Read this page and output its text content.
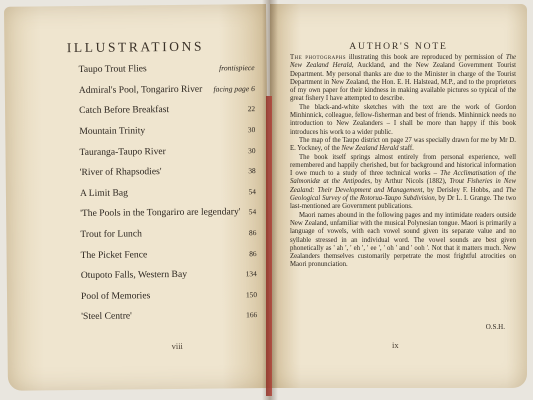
ILLUSTRATIONS
Taupo Trout Flies	frontispiece
Admiral's Pool, Tongariro River facing page 6
Catch Before Breakfast	22
Mountain Trinity	30
Tauranga-Taupo River	30
'River of Rhapsodies'	38
A Limit Bag	54
'The Pools in the Tongariro are legendary' 54
Trout for Lunch	86
The Picket Fence	86
Otupoto Falls, Western Bay	134
Pool of Memories	150
'Steel Centre'	166
viii
AUTHOR'S NOTE

The photographs illustrating this book are reproduced by permission of The New Zealand Herald, Auckland, and the New Zealand Government Tourist Department. My personal thanks are due to the Minister in charge of the Tourist Department in New Zealand, the Hon. E. H. Halstead, M.P., and to the proprietors of my own paper for their kindness in making available pictures so typical of the great fishery I have attempted to describe.

The black-and-white sketches with the text are the work of Gordon Minhinnick, colleague, fellow-fisherman and best of friends. Minhinnick needs no introduction to New Zealanders – I shall be more than happy if this book introduces his work to a wider public.

The map of the Taupo district on page 27 was specially drawn for me by Mr D. E. Yockney, of the New Zealand Herald staff.

The book itself springs almost entirely from personal experience, well remembered and happily cherished, but for background and historical information I owe much to a study of three technical works – The Acclimatisation of the Salmonidæ at the Antipodes, by Arthur Nicols (1882), Trout Fisheries in New Zealand: Their Development and Management, by Derisley F. Hobbs, and The Geological Survey of the Rotorua-Taupo Subdivision, by Dr L. I. Grange. The two last-mentioned are Government publications.

Maori names abound in the following pages and my intimidate readers outside New Zealand, unfamiliar with the musical Polynesian tongue. Maori is primarily a language of vowels, with each vowel sound given its separate value and no syllable stressed in an individual word. The vowel sounds are best given phonetically as ' ah ', ' eh ', ' ee ', ' oh ' and ' ooh '. Not that it matters much. New Zealanders themselves customarily perpetrate the most frightful atrocities on Maori pronunciation.

O.S.H.
ix
